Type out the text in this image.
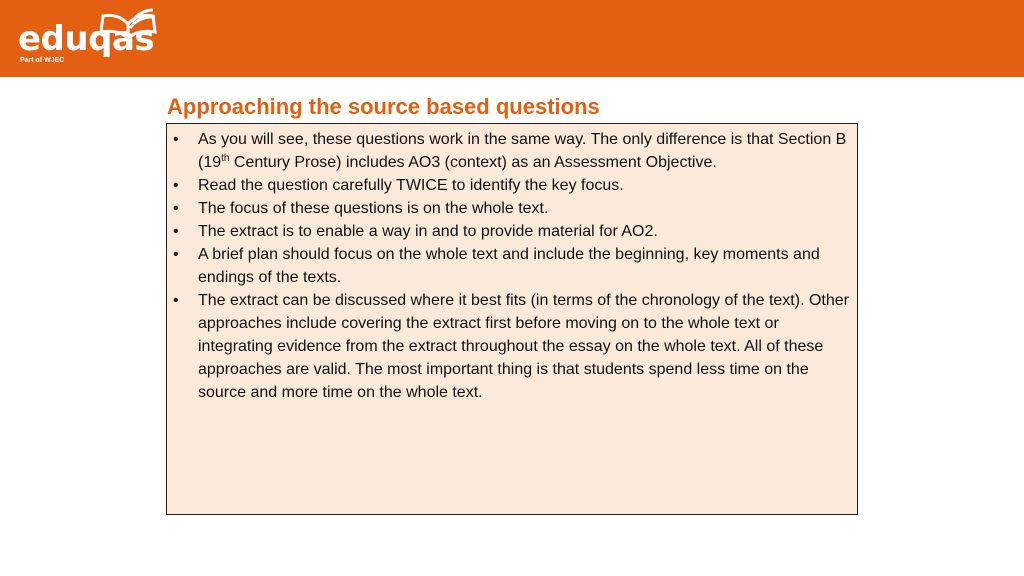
eduqas
Part of WJEC
Approaching the source based questions
•	As you will see, these questions work in the same way. The only difference is that Section B (19th Century Prose) includes AO3 (context) as an Assessment Objective.
•	Read the question carefully TWICE to identify the key focus.
•	The focus of these questions is on the whole text.
•	The extract is to enable a way in and to provide material for AO2.
•	A brief plan should focus on the whole text and include the beginning, key moments and endings of the texts.
•	The extract can be discussed where it best fits (in terms of the chronology of the text). Other approaches include covering the extract first before moving on to the whole text or integrating evidence from the extract throughout the essay on the whole text. All of these approaches are valid. The most important thing is that students spend less time on the source and more time on the whole text.
